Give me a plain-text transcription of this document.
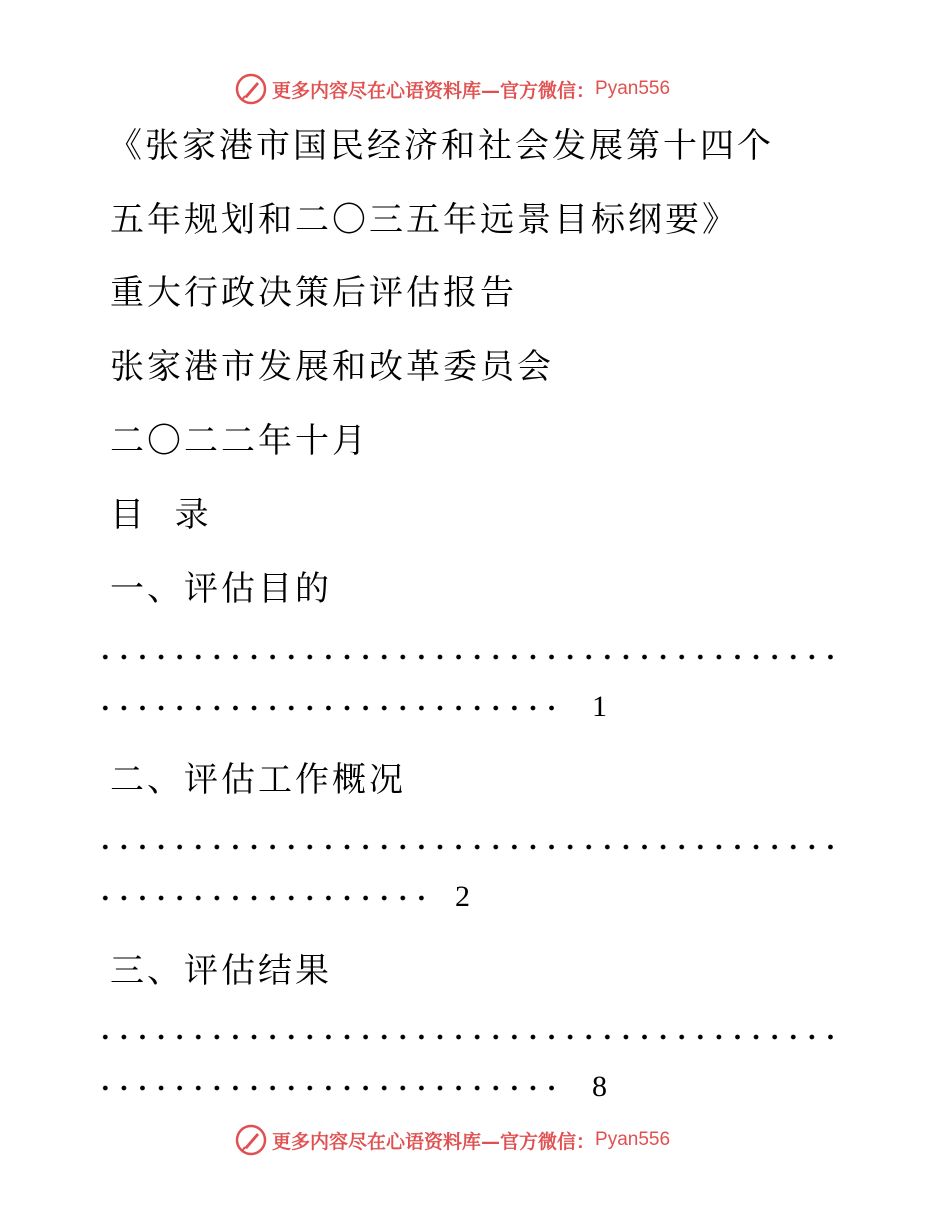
更多内容尽在心语资料库—官方微信： Pyan556
《张家港市国民经济和社会发展第十四个
五年规划和二〇三五年远景目标纲要》
重大行政决策后评估报告
张家港市发展和改革委员会
二〇二二年十月
目  录
一、评估目的
1
二、评估工作概况
2
三、评估结果
8
更多内容尽在心语资料库—官方微信： Pyan556
